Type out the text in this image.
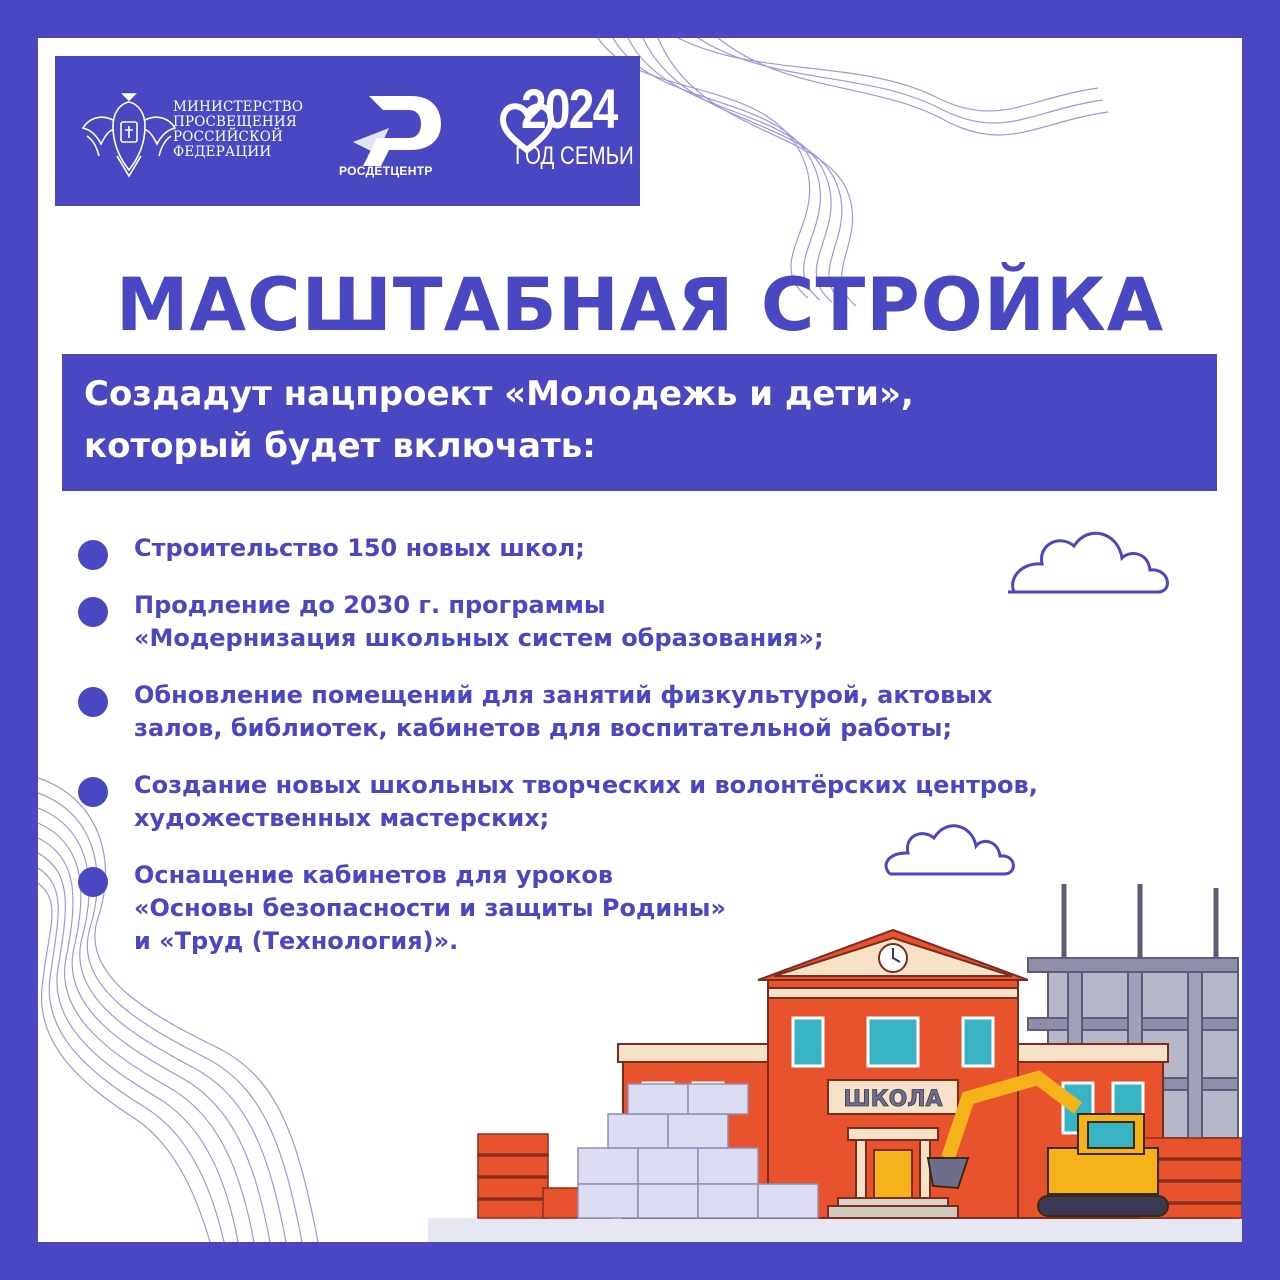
МИНИСТЕРСТВО
ПРОСВЕЩЕНИЯ
РОССИЙСКОЙ
ФЕДЕРАЦИИ
РОСДЕТЦЕНТР
2024
ГОД СЕМЬИ
МАСШТАБНАЯ СТРОЙКА
Создадут нацпроект «Молодежь и дети»,
который будет включать:
Строительство 150 новых школ;
Продление до 2030 г. программы
«Модернизация школьных систем образования»;
Обновление помещений для занятий физкультурой, актовых
залов, библиотек, кабинетов для воспитательной работы;
Создание новых школьных творческих и волонтёрских центров,
художественных мастерских;
Оснащение кабинетов для уроков
«Основы безопасности и защиты Родины»
и «Труд (Технология)».
ШКОЛА
